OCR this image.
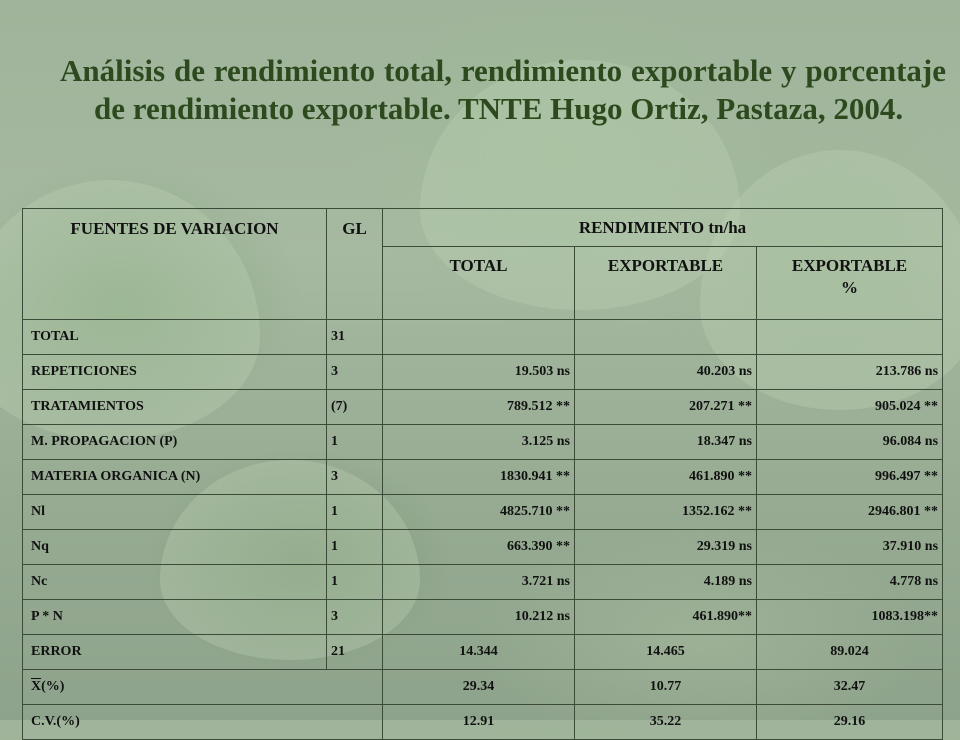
Análisis de rendimiento total, rendimiento exportable y porcentaje de rendimiento exportable. TNTE Hugo Ortiz, Pastaza, 2004.
FUENTES DE VARIACION	GL	RENDIMIENTO tn/ha		
		TOTAL	EXPORTABLE	EXPORTABLE
%
TOTAL	31			
REPETICIONES	3	19.503 ns	40.203 ns	213.786 ns
TRATAMIENTOS	(7)	789.512 **	207.271 **	905.024 **
M. PROPAGACION (P)	1	3.125 ns	18.347 ns	96.084 ns
MATERIA ORGANICA (N)	3	1830.941 **	461.890 **	996.497 **
Nl	1	4825.710 **	1352.162 **	2946.801 **
Nq	1	663.390 **	29.319 ns	37.910 ns
Nc	1	3.721 ns	4.189 ns	4.778 ns
P * N	3	10.212 ns	461.890**	1083.198**
ERROR	21	14.344	14.465	89.024
$\overline{X}(\%)$		29.34	10.77	32.47
C.V.(%)		12.91	35.22	29.16
